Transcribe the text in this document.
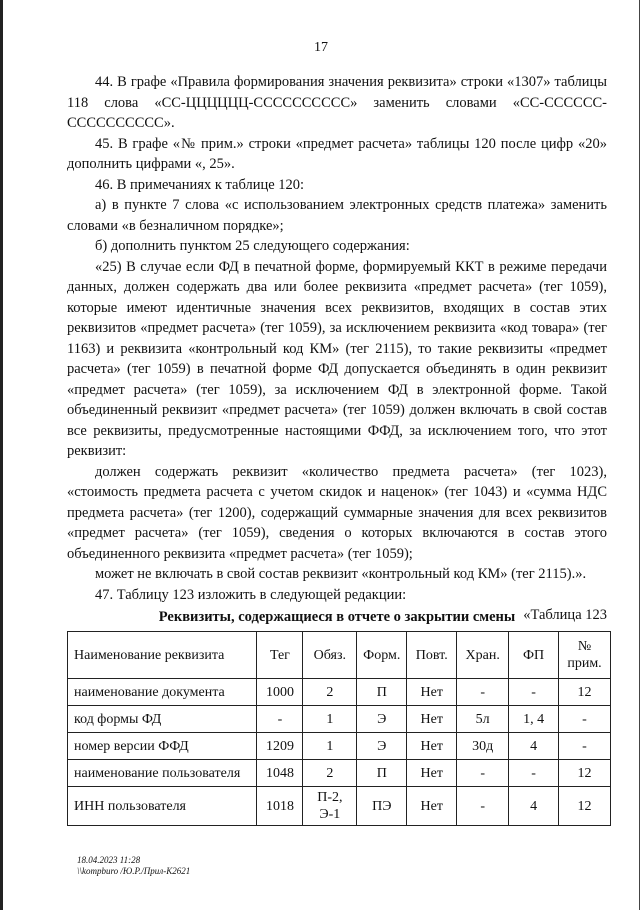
17

44. В графе «Правила формирования значения реквизита» строки «1307» таблицы 118 слова «СС-ЦЦЦЦЦЦ-СССССССССС» заменить словами «СС-СССССС-СССССССССС».

45. В графе «№ прим.» строки «предмет расчета» таблицы 120 после цифр «20» дополнить цифрами «, 25».

46. В примечаниях к таблице 120:

а) в пункте 7 слова «с использованием электронных средств платежа» заменить словами «в безналичном порядке»;

б) дополнить пунктом 25 следующего содержания:

«25) В случае если ФД в печатной форме, формируемый ККТ в режиме передачи данных, должен содержать два или более реквизита «предмет расчета» (тег 1059), которые имеют идентичные значения всех реквизитов, входящих в состав этих реквизитов «предмет расчета» (тег 1059), за исключением реквизита «код товара» (тег 1163) и реквизита «контрольный код КМ» (тег 2115), то такие реквизиты «предмет расчета» (тег 1059) в печатной форме ФД допускается объединять в один реквизит «предмет расчета» (тег 1059), за исключением ФД в электронной форме. Такой объединенный реквизит «предмет расчета» (тег 1059) должен включать в свой состав все реквизиты, предусмотренные настоящими ФФД, за исключением того, что этот реквизит:

должен содержать реквизит «количество предмета расчета» (тег 1023), «стоимость предмета расчета с учетом скидок и наценок» (тег 1043) и «сумма НДС предмета расчета» (тег 1200), содержащий суммарные значения для всех реквизитов «предмет расчета» (тег 1059), сведения о которых включаются в состав этого объединенного реквизита «предмет расчета» (тег 1059);

может не включать в свой состав реквизит «контрольный код КМ» (тег 2115).».

47. Таблицу 123 изложить в следующей редакции:

«Таблица 123

Реквизиты, содержащиеся в отчете о закрытии смены
Наименование реквизита	Тег	Обяз.	Форм.	Повт.	Хран.	ФП	№ прим.
наименование документа	1000	2	П	Нет	-	-	12
код формы ФД	-	1	Э	Нет	5л	1, 4	-
номер версии ФФД	1209	1	Э	Нет	30д	4	-
наименование пользователя	1048	2	П	Нет	-	-	12
ИНН пользователя	1018	П-2, Э-1	ПЭ	Нет	-	4	12
18.04.2023 11:28
\\kompburo /Ю.Р./Прил-К2621
